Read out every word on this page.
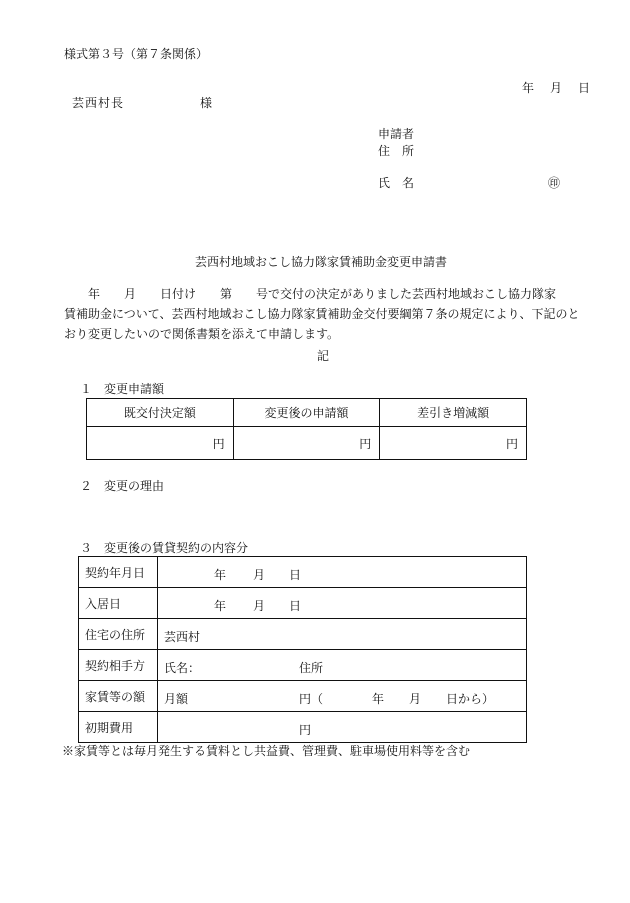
様式第３号（第７条関係）
年　月　日
芸西村長	様
申請者
住　所
氏　名	㊞
芸西村地域おこし協力隊家賃補助金変更申請書
　　年　　月　　日付け　　第　　号で交付の決定がありました芸西村地域おこし協力隊家
賃補助金について、芸西村地域おこし協力隊家賃補助金交付要綱第７条の規定により、下記のと
おり変更したいので関係書類を添えて申請します。
記
１　変更申請額
既交付決定額	変更後の申請額	差引き増減額
円	円	円
２　変更の理由
３　変更後の賃貸契約の内容分
契約年月日	年 月 日

入居日	年 月 日

住宅の住所	芸西村

契約相手方	氏名： 住所

家賃等の額	月額 円（ 年 月 日から）

初期費用	円
※家賃等とは毎月発生する賃料とし共益費、管理費、駐車場使用料等を含む
